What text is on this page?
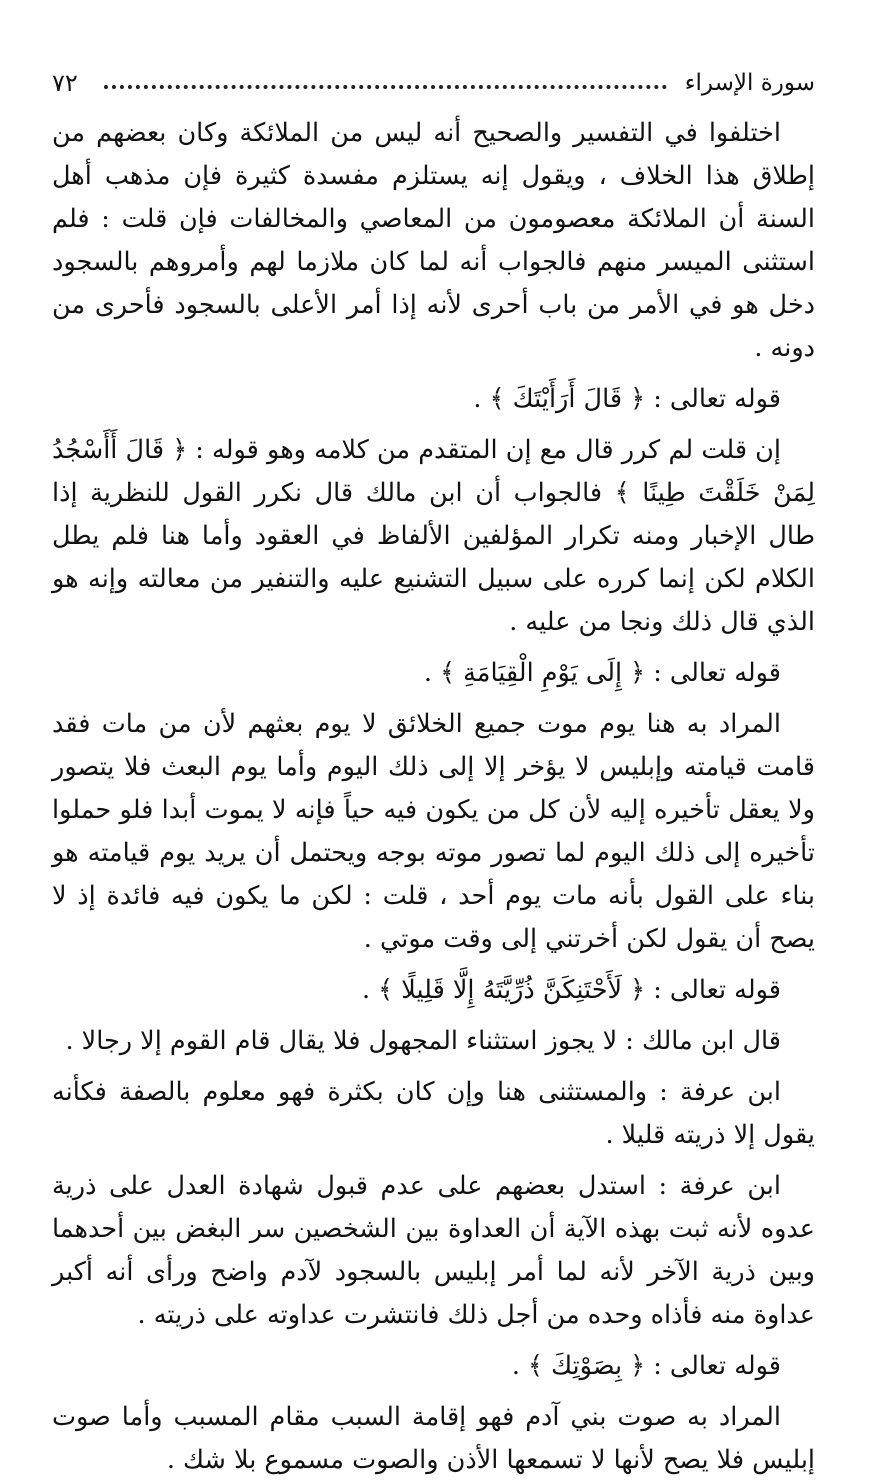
سورة الإسراء
٧٢

اختلفوا في التفسير والصحيح أنه ليس من الملائكة وكان بعضهم من إطلاق هذا الخلاف ، ويقول إنه يستلزم مفسدة كثيرة فإن مذهب أهل السنة أن الملائكة معصومون من المعاصي والمخالفات فإن قلت : فلم استثنى الميسر منهم فالجواب أنه لما كان ملازما لهم وأمروهم بالسجود دخل هو في الأمر من باب أحرى لأنه إذا أمر الأعلى بالسجود فأحرى من دونه .

قوله تعالى : ﴿ قَالَ أَرَأَيْتَكَ ﴾ .

إن قلت لم كرر قال مع إن المتقدم من كلامه وهو قوله : ﴿ قَالَ أَأَسْجُدُ لِمَنْ خَلَقْتَ طِينًا ﴾ فالجواب أن ابن مالك قال نكرر القول للنظرية إذا طال الإخبار ومنه تكرار المؤلفين الألفاظ في العقود وأما هنا فلم يطل الكلام لكن إنما كرره على سبيل التشنيع عليه والتنفير من معالته وإنه هو الذي قال ذلك ونجا من عليه .

قوله تعالى : ﴿ إِلَى يَوْمِ الْقِيَامَةِ ﴾ .

المراد به هنا يوم موت جميع الخلائق لا يوم بعثهم لأن من مات فقد قامت قيامته وإبليس لا يؤخر إلا إلى ذلك اليوم وأما يوم البعث فلا يتصور ولا يعقل تأخيره إليه لأن كل من يكون فيه حياً فإنه لا يموت أبدا فلو حملوا تأخيره إلى ذلك اليوم لما تصور موته بوجه ويحتمل أن يريد يوم قيامته هو بناء على القول بأنه مات يوم أحد ، قلت : لكن ما يكون فيه فائدة إذ لا يصح أن يقول لكن أخرتني إلى وقت موتي .

قوله تعالى : ﴿ لَأَحْتَنِكَنَّ ذُرِّيَّتَهُ إِلَّا قَلِيلًا ﴾ .

قال ابن مالك : لا يجوز استثناء المجهول فلا يقال قام القوم إلا رجالا .

ابن عرفة : والمستثنى هنا وإن كان بكثرة فهو معلوم بالصفة فكأنه يقول إلا ذريته قليلا .

ابن عرفة : استدل بعضهم على عدم قبول شهادة العدل على ذرية عدوه لأنه ثبت بهذه الآية أن العداوة بين الشخصين سر البغض بين أحدهما وبين ذرية الآخر لأنه لما أمر إبليس بالسجود لآدم واضح ورأى أنه أكبر عداوة منه فأذاه وحده من أجل ذلك فانتشرت عداوته على ذريته .

قوله تعالى : ﴿ بِصَوْتِكَ ﴾ .

المراد به صوت بني آدم فهو إقامة السبب مقام المسبب وأما صوت إبليس فلا يصح لأنها لا تسمعها الأذن والصوت مسموع بلا شك .
